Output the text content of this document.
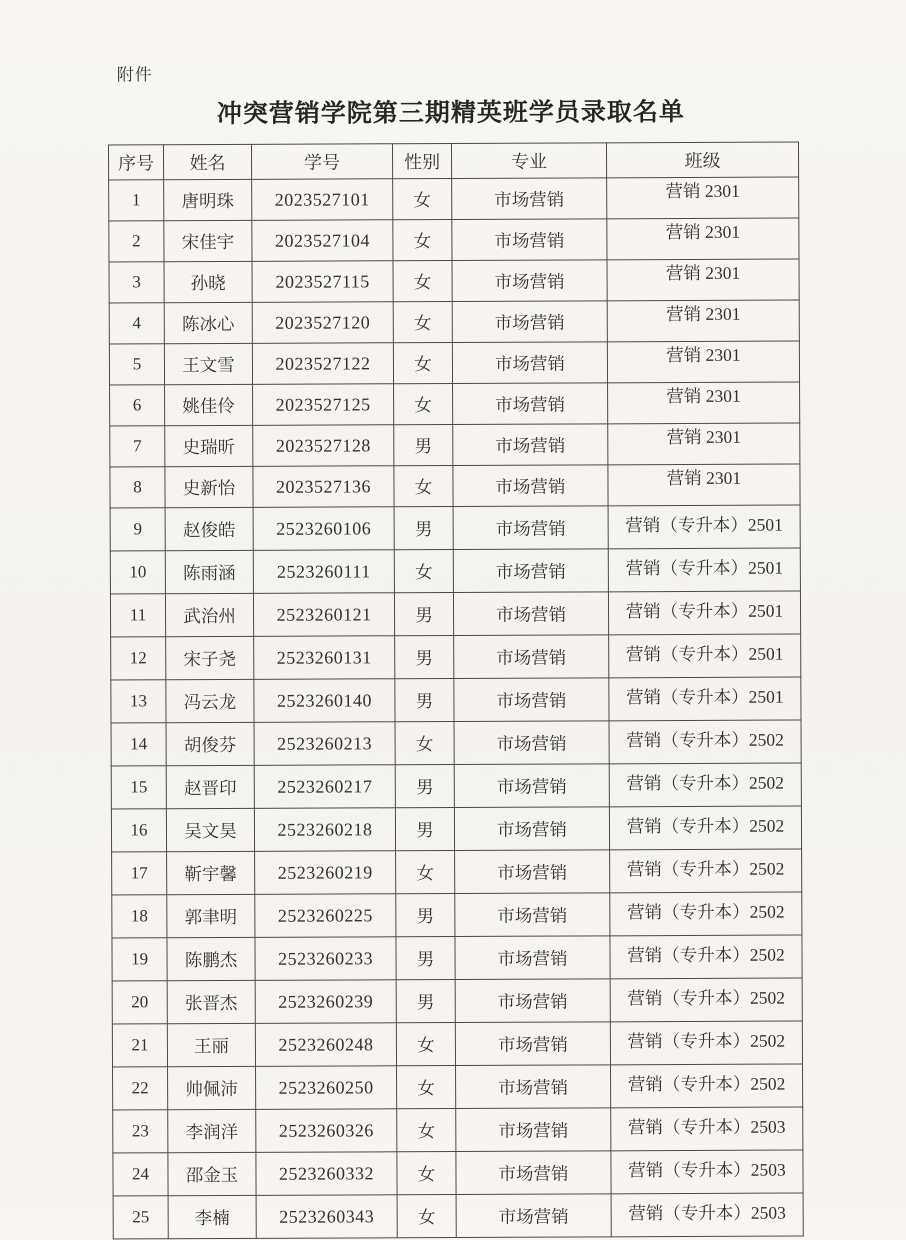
附件
冲突营销学院第三期精英班学员录取名单
序号	姓名	学号	性别	专业	班级
1	唐明珠	2023527101	女	市场营销	营销 2301
2	宋佳宇	2023527104	女	市场营销	营销 2301
3	孙晓	2023527115	女	市场营销	营销 2301
4	陈冰心	2023527120	女	市场营销	营销 2301
5	王文雪	2023527122	女	市场营销	营销 2301
6	姚佳伶	2023527125	女	市场营销	营销 2301
7	史瑞昕	2023527128	男	市场营销	营销 2301
8	史新怡	2023527136	女	市场营销	营销 2301
9	赵俊皓	2523260106	男	市场营销	营销（专升本）2501
10	陈雨涵	2523260111	女	市场营销	营销（专升本）2501
11	武治州	2523260121	男	市场营销	营销（专升本）2501
12	宋子尧	2523260131	男	市场营销	营销（专升本）2501
13	冯云龙	2523260140	男	市场营销	营销（专升本）2501
14	胡俊芬	2523260213	女	市场营销	营销（专升本）2502
15	赵晋印	2523260217	男	市场营销	营销（专升本）2502
16	吴文昊	2523260218	男	市场营销	营销（专升本）2502
17	靳宇馨	2523260219	女	市场营销	营销（专升本）2502
18	郭聿明	2523260225	男	市场营销	营销（专升本）2502
19	陈鹏杰	2523260233	男	市场营销	营销（专升本）2502
20	张晋杰	2523260239	男	市场营销	营销（专升本）2502
21	王丽	2523260248	女	市场营销	营销（专升本）2502
22	帅佩沛	2523260250	女	市场营销	营销（专升本）2502
23	李润洋	2523260326	女	市场营销	营销（专升本）2503
24	邵金玉	2523260332	女	市场营销	营销（专升本）2503
25	李楠	2523260343	女	市场营销	营销（专升本）2503
